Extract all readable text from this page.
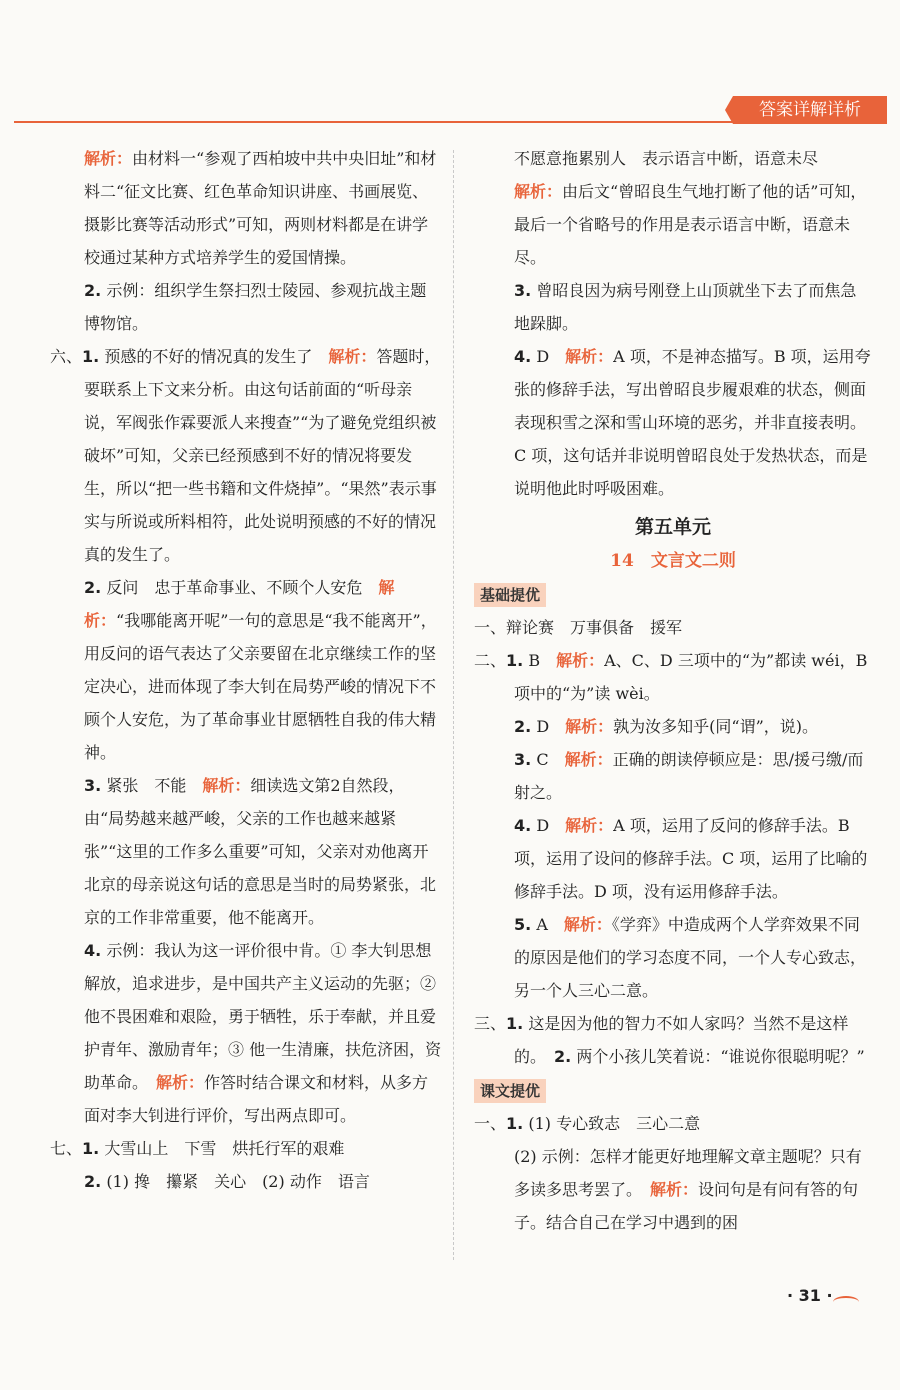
答案详解详析

解析：由材料一“参观了西柏坡中共中央旧址”和材料二“征文比赛、红色革命知识讲座、书画展览、摄影比赛等活动形式”可知，两则材料都是在讲学校通过某种方式培养学生的爱国情操。

2. 示例：组织学生祭扫烈士陵园、参观抗战主题博物馆。

六、1. 预感的不好的情况真的发生了　 解析：答题时，要联系上下文来分析。由这句话前面的“听母亲说，军阀张作霖要派人来搜查”“为了避免党组织被破坏”可知，父亲已经预感到不好的情况将要发生，所以“把一些书籍和文件烧掉”。“果然”表示事实与所说或所料相符，此处说明预感的不好的情况真的发生了。

2. 反问　忠于革命事业、不顾个人安危　 解析：“我哪能离开呢”一句的意思是“我不能离开”，用反问的语气表达了父亲要留在北京继续工作的坚定决心，进而体现了李大钊在局势严峻的情况下不顾个人安危，为了革命事业甘愿牺牲自我的伟大精神。

3. 紧张　不能　 解析：细读选文第2自然段，由“局势越来越严峻，父亲的工作也越来越紧张”“这里的工作多么重要”可知，父亲对劝他离开北京的母亲说这句话的意思是当时的局势紧张，北京的工作非常重要，他不能离开。

4. 示例：我认为这一评价很中肯。① 李大钊思想解放，追求进步，是中国共产主义运动的先驱；② 他不畏困难和艰险，勇于牺牲，乐于奉献，并且爱护青年、激励青年；③ 他一生清廉，扶危济困，资助革命。　 解析：作答时结合课文和材料，从多方面对李大钊进行评价，写出两点即可。

七、1. 大雪山上　下雪　烘托行军的艰难

2. (1) 搀　攥紧　关心　(2) 动作　语言

不愿意拖累别人　表示语言中断，语意未尽

解析：由后文“曾昭良生气地打断了他的话”可知，最后一个省略号的作用是表示语言中断，语意未尽。

3. 曾昭良因为病号刚登上山顶就坐下去了而焦急地跺脚。

4. D　 解析：A 项，不是神态描写。B 项，运用夸张的修辞手法，写出曾昭良步履艰难的状态，侧面表现积雪之深和雪山环境的恶劣，并非直接表明。C 项，这句话并非说明曾昭良处于发热状态，而是说明他此时呼吸困难。

第五单元
14　文言文二则
基础提优

一、辩论赛　万事俱备　援军

二、1. B　 解析：A、C、D 三项中的“为”都读 wéi，B 项中的“为”读 wèi。

2. D　 解析：孰为汝多知乎(同“谓”，说)。

3. C　 解析：正确的朗读停顿应是：思/援弓缴/而射之。

4. D　 解析：A 项，运用了反问的修辞手法。B 项，运用了设问的修辞手法。C 项，运用了比喻的修辞手法。D 项，没有运用修辞手法。

5. A　 解析：《学弈》中造成两个人学弈效果不同的原因是他们的学习态度不同，一个人专心致志，另一个人三心二意。

三、1. 这是因为他的智力不如人家吗？当然不是这样的。　 2. 两个小孩儿笑着说：“谁说你很聪明呢？”

课文提优

一、1. (1) 专心致志　三心二意

(2) 示例：怎样才能更好地理解文章主题呢？只有多读多思考罢了。　 解析：设问句是有问有答的句子。结合自己在学习中遇到的困

· 31 ·
